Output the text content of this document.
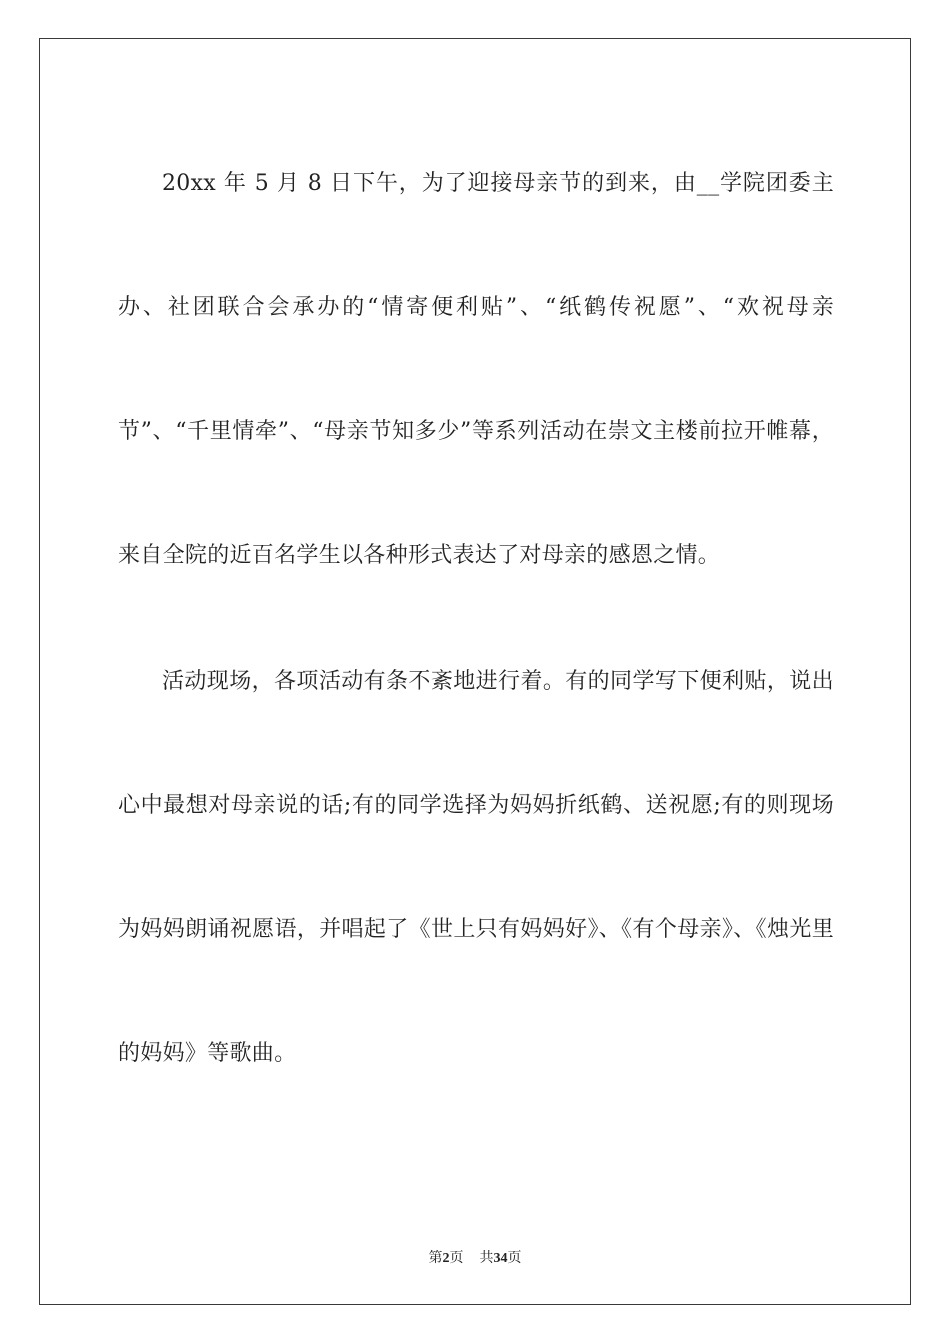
20xx 年 5 月 8 日下午，为了迎接母亲节的到来，由__学院团委主办、社团联合会承办的“情寄便利贴”、“纸鹤传祝愿”、“欢祝母亲节”、“千里情牵”、“母亲节知多少”等系列活动在崇文主楼前拉开帷幕，来自全院的近百名学生以各种形式表达了对母亲的感恩之情。

活动现场，各项活动有条不紊地进行着。有的同学写下便利贴，说出心中最想对母亲说的话;有的同学选择为妈妈折纸鹤、送祝愿;有的则现场为妈妈朗诵祝愿语，并唱起了《世上只有妈妈好》、《有个母亲》、《烛光里的妈妈》等歌曲。

第2页 共34页
